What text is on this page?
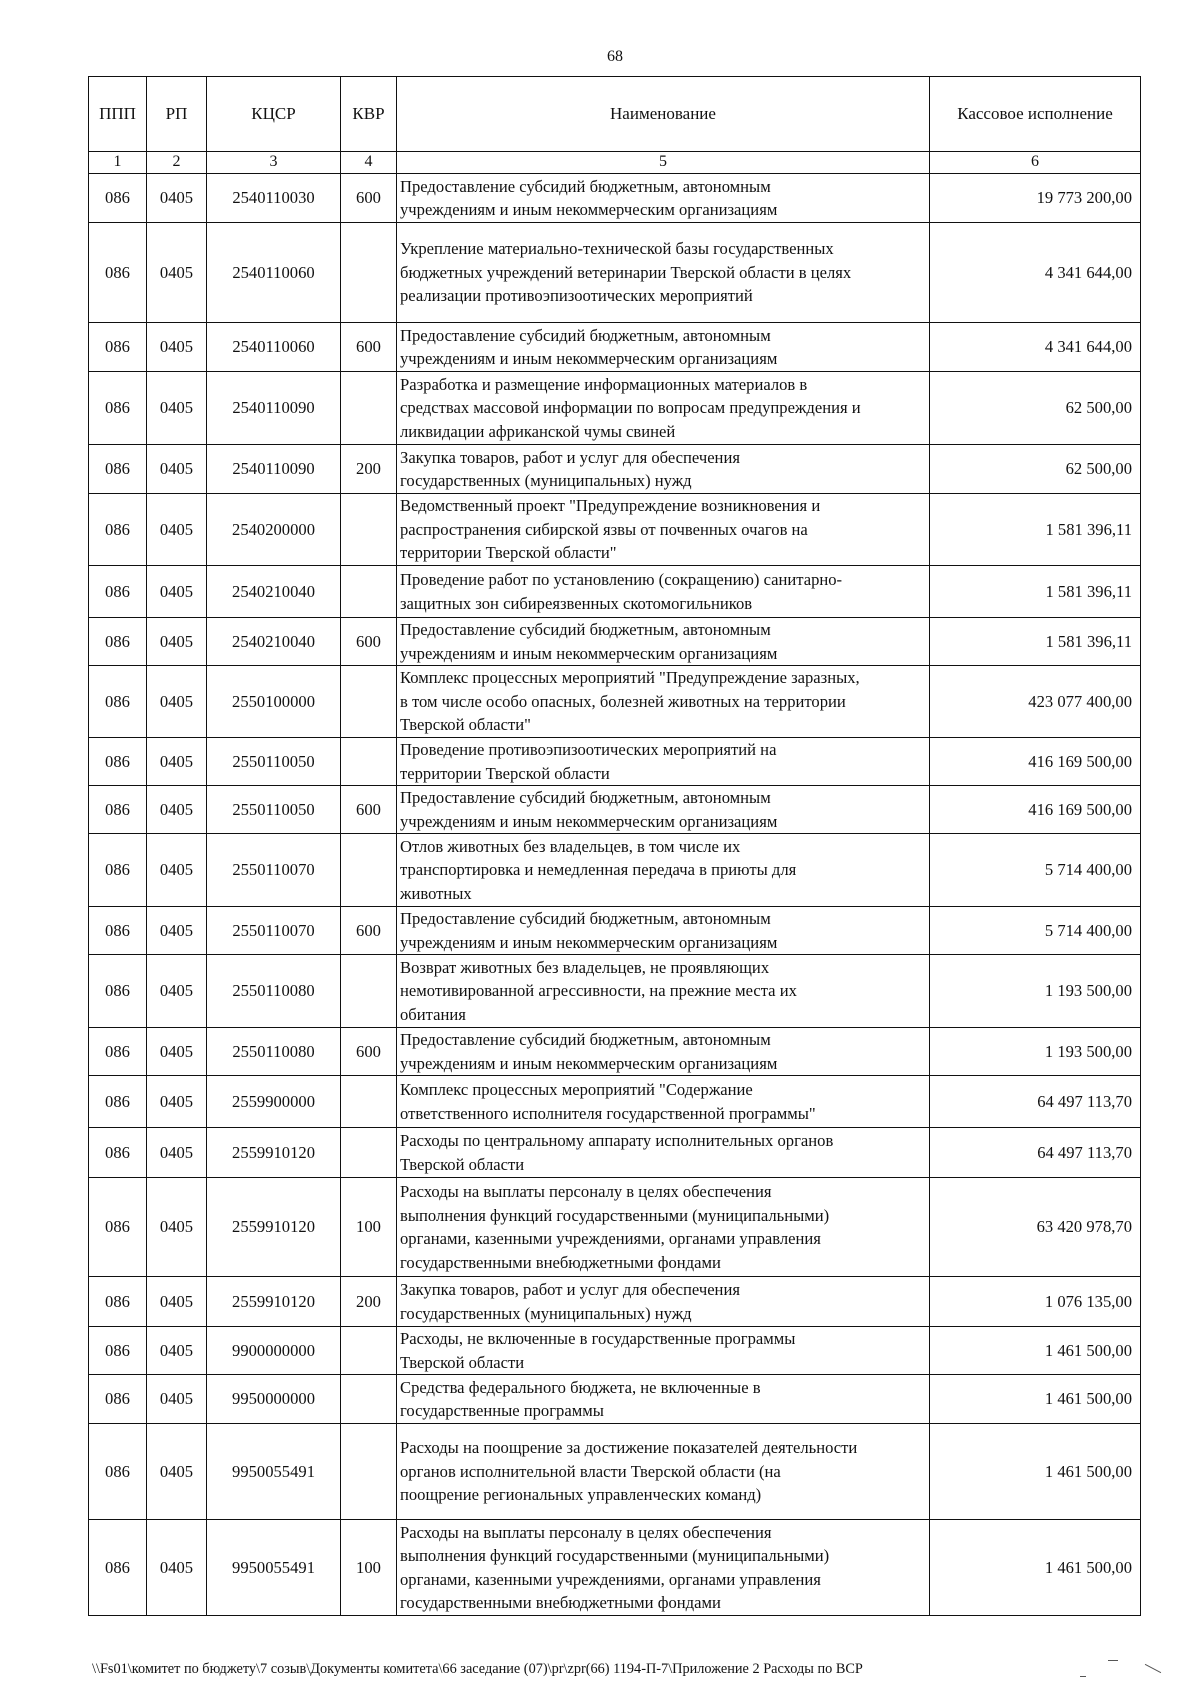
68
ППП	РП	КЦСР	КВР	Наименование	Кассовое исполнение
1	2	3	4	5	6
086	0405	2540110030	600	Предоставление субсидий бюджетным, автономным
учреждениям и иным некоммерческим организациям	19 773 200,00
086	0405	2540110060		Укрепление материально-технической базы государственных
бюджетных учреждений ветеринарии Тверской области в целях
реализации противоэпизоотических мероприятий	4 341 644,00
086	0405	2540110060	600	Предоставление субсидий бюджетным, автономным
учреждениям и иным некоммерческим организациям	4 341 644,00
086	0405	2540110090		Разработка и размещение информационных материалов в
средствах массовой информации по вопросам предупреждения и
ликвидации африканской чумы свиней	62 500,00
086	0405	2540110090	200	Закупка товаров, работ и услуг для обеспечения
государственных (муниципальных) нужд	62 500,00
086	0405	2540200000		Ведомственный проект "Предупреждение возникновения и
распространения сибирской язвы от почвенных очагов на
территории Тверской области"	1 581 396,11
086	0405	2540210040		Проведение работ по установлению (сокращению) санитарно-
защитных зон сибиреязвенных скотомогильников	1 581 396,11
086	0405	2540210040	600	Предоставление субсидий бюджетным, автономным
учреждениям и иным некоммерческим организациям	1 581 396,11
086	0405	2550100000		Комплекс процессных мероприятий "Предупреждение заразных,
в том числе особо опасных, болезней животных на территории
Тверской области"	423 077 400,00
086	0405	2550110050		Проведение противоэпизоотических мероприятий на
территории Тверской области	416 169 500,00
086	0405	2550110050	600	Предоставление субсидий бюджетным, автономным
учреждениям и иным некоммерческим организациям	416 169 500,00
086	0405	2550110070		Отлов животных без владельцев, в том числе их
транспортировка и немедленная передача в приюты для
животных	5 714 400,00
086	0405	2550110070	600	Предоставление субсидий бюджетным, автономным
учреждениям и иным некоммерческим организациям	5 714 400,00
086	0405	2550110080		Возврат животных без владельцев, не проявляющих
немотивированной агрессивности, на прежние места их
обитания	1 193 500,00
086	0405	2550110080	600	Предоставление субсидий бюджетным, автономным
учреждениям и иным некоммерческим организациям	1 193 500,00
086	0405	2559900000		Комплекс процессных мероприятий "Содержание
ответственного исполнителя государственной программы"	64 497 113,70
086	0405	2559910120		Расходы по центральному аппарату исполнительных органов
Тверской области	64 497 113,70
086	0405	2559910120	100	Расходы на выплаты персоналу в целях обеспечения
выполнения функций государственными (муниципальными)
органами, казенными учреждениями, органами управления
государственными внебюджетными фондами	63 420 978,70
086	0405	2559910120	200	Закупка товаров, работ и услуг для обеспечения
государственных (муниципальных) нужд	1 076 135,00
086	0405	9900000000		Расходы, не включенные в государственные программы
Тверской области	1 461 500,00
086	0405	9950000000		Средства федерального бюджета, не включенные в
государственные программы	1 461 500,00
086	0405	9950055491		Расходы на поощрение за достижение показателей деятельности
органов исполнительной власти Тверской области (на
поощрение региональных управленческих команд)	1 461 500,00
086	0405	9950055491	100	Расходы на выплаты персоналу в целях обеспечения
выполнения функций государственными (муниципальными)
органами, казенными учреждениями, органами управления
государственными внебюджетными фондами	1 461 500,00
\\Fs01\комитет по бюджету\7 созыв\Документы комитета\66 заседание (07)\pr\zpr(66) 1194-П-7\Приложение 2 Расходы по ВСР
